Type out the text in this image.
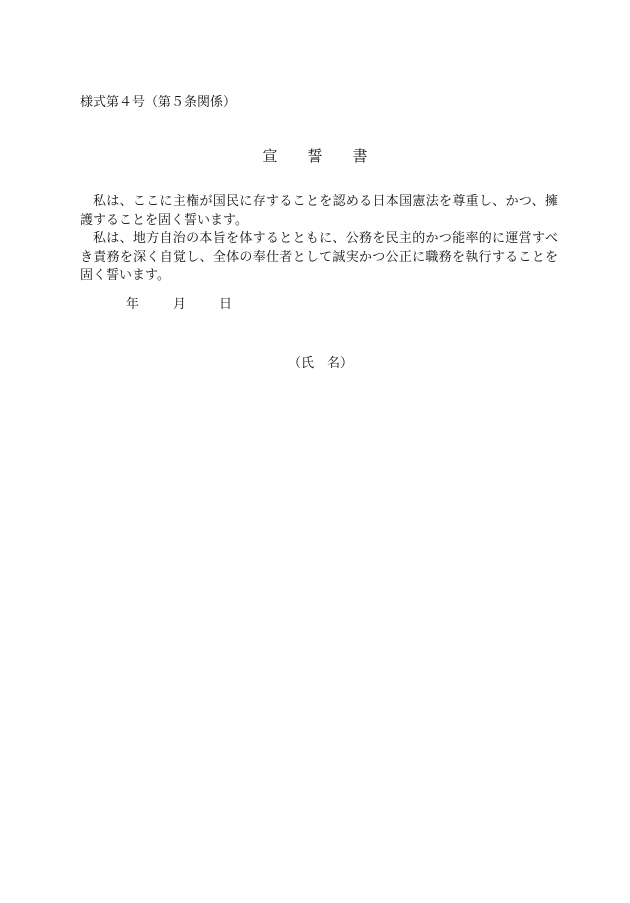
様式第４号（第５条関係）
宣　　誓　　書

私は、ここに主権が国民に存することを認める日本国憲法を尊重し、かつ、擁護することを固く誓います。

私は、地方自治の本旨を体するとともに、公務を民主的かつ能率的に運営すべき責務を深く自覚し、全体の奉仕者として誠実かつ公正に職務を執行することを固く誓います。

年	月	日
（氏　名）
